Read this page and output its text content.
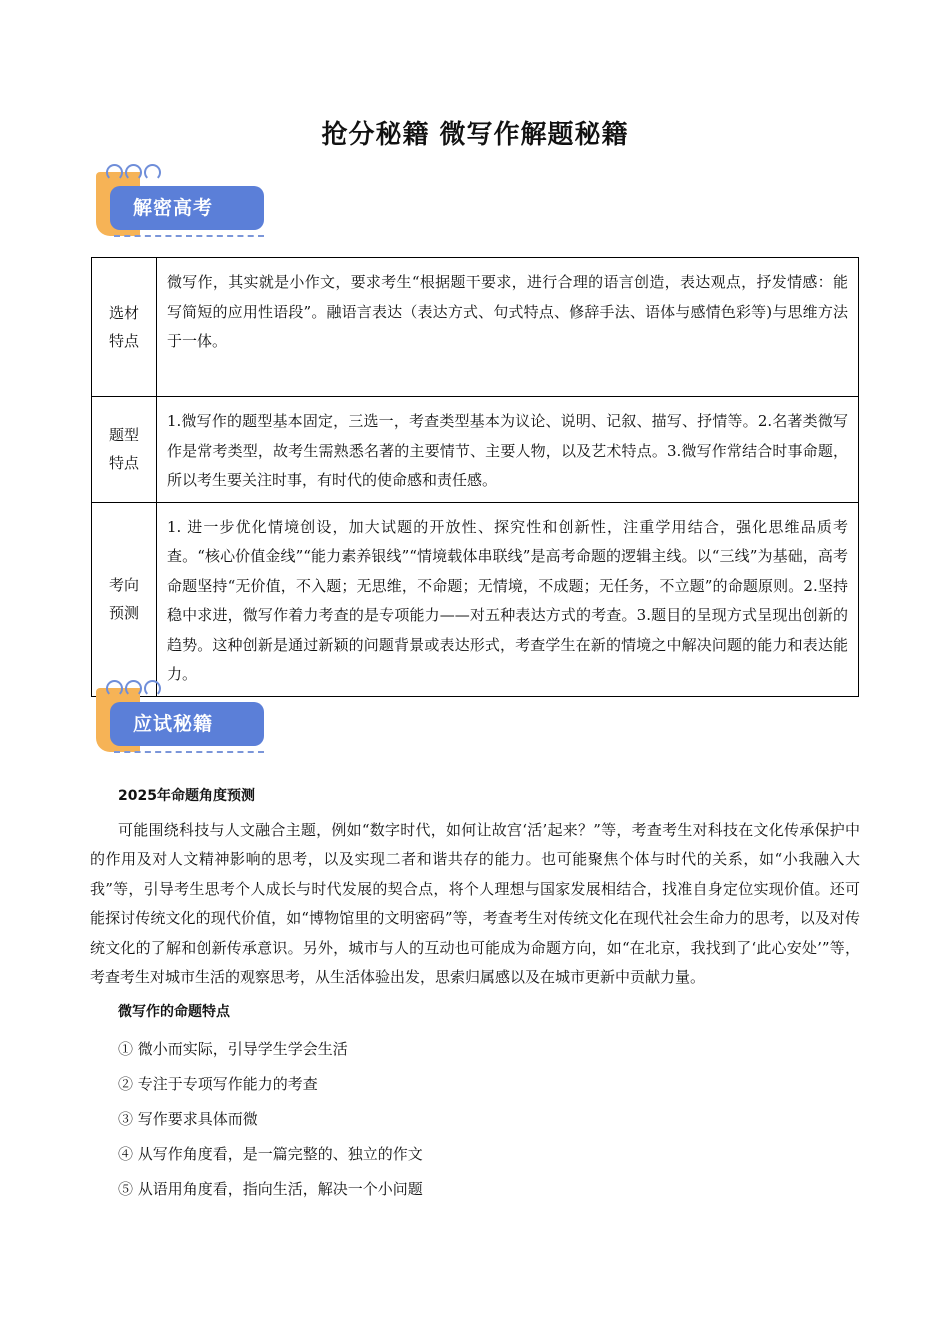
抢分秘籍 微写作解题秘籍
解密高考
选材特点	微写作，其实就是小作文，要求考生“根据题干要求，进行合理的语言创造，表达观点，抒发情感：能写简短的应用性语段”。融语言表达（表达方式、句式特点、修辞手法、语体与感情色彩等)与思维方法于一体。
题型特点	1.微写作的题型基本固定，三选一，考查类型基本为议论、说明、记叙、描写、抒情等。2.名著类微写作是常考类型，故考生需熟悉名著的主要情节、主要人物，以及艺术特点。3.微写作常结合时事命题，所以考生要关注时事，有时代的使命感和责任感。
考向预测	1. 进一步优化情境创设，加大试题的开放性、探究性和创新性，注重学用结合，强化思维品质考查。“核心价值金线”“能力素养银线”“情境载体串联线”是高考命题的逻辑主线。以“三线”为基础，高考命题坚持“无价值，不入题；无思维，不命题；无情境，不成题；无任务，不立题”的命题原则。2.坚持稳中求进，微写作着力考查的是专项能力——对五种表达方式的考查。3.题目的呈现方式呈现出创新的趋势。这种创新是通过新颖的问题背景或表达形式，考查学生在新的情境之中解决问题的能力和表达能力。
应试秘籍

2025年命题角度预测

可能围绕科技与人文融合主题，例如“数字时代，如何让故宫‘活’起来？”等，考查考生对科技在文化传承保护中的作用及对人文精神影响的思考，以及实现二者和谐共存的能力。也可能聚焦个体与时代的关系，如“小我融入大我”等，引导考生思考个人成长与时代发展的契合点，将个人理想与国家发展相结合，找准自身定位实现价值。还可能探讨传统文化的现代价值，如“博物馆里的文明密码”等，考查考生对传统文化在现代社会生命力的思考，以及对传统文化的了解和创新传承意识。另外，城市与人的互动也可能成为命题方向，如“在北京，我找到了‘此心安处’”等，考查考生对城市生活的观察思考，从生活体验出发，思索归属感以及在城市更新中贡献力量。

微写作的命题特点

① 微小而实际，引导学生学会生活

② 专注于专项写作能力的考查

③ 写作要求具体而微

④ 从写作角度看，是一篇完整的、独立的作文

⑤ 从语用角度看，指向生活，解决一个小问题
